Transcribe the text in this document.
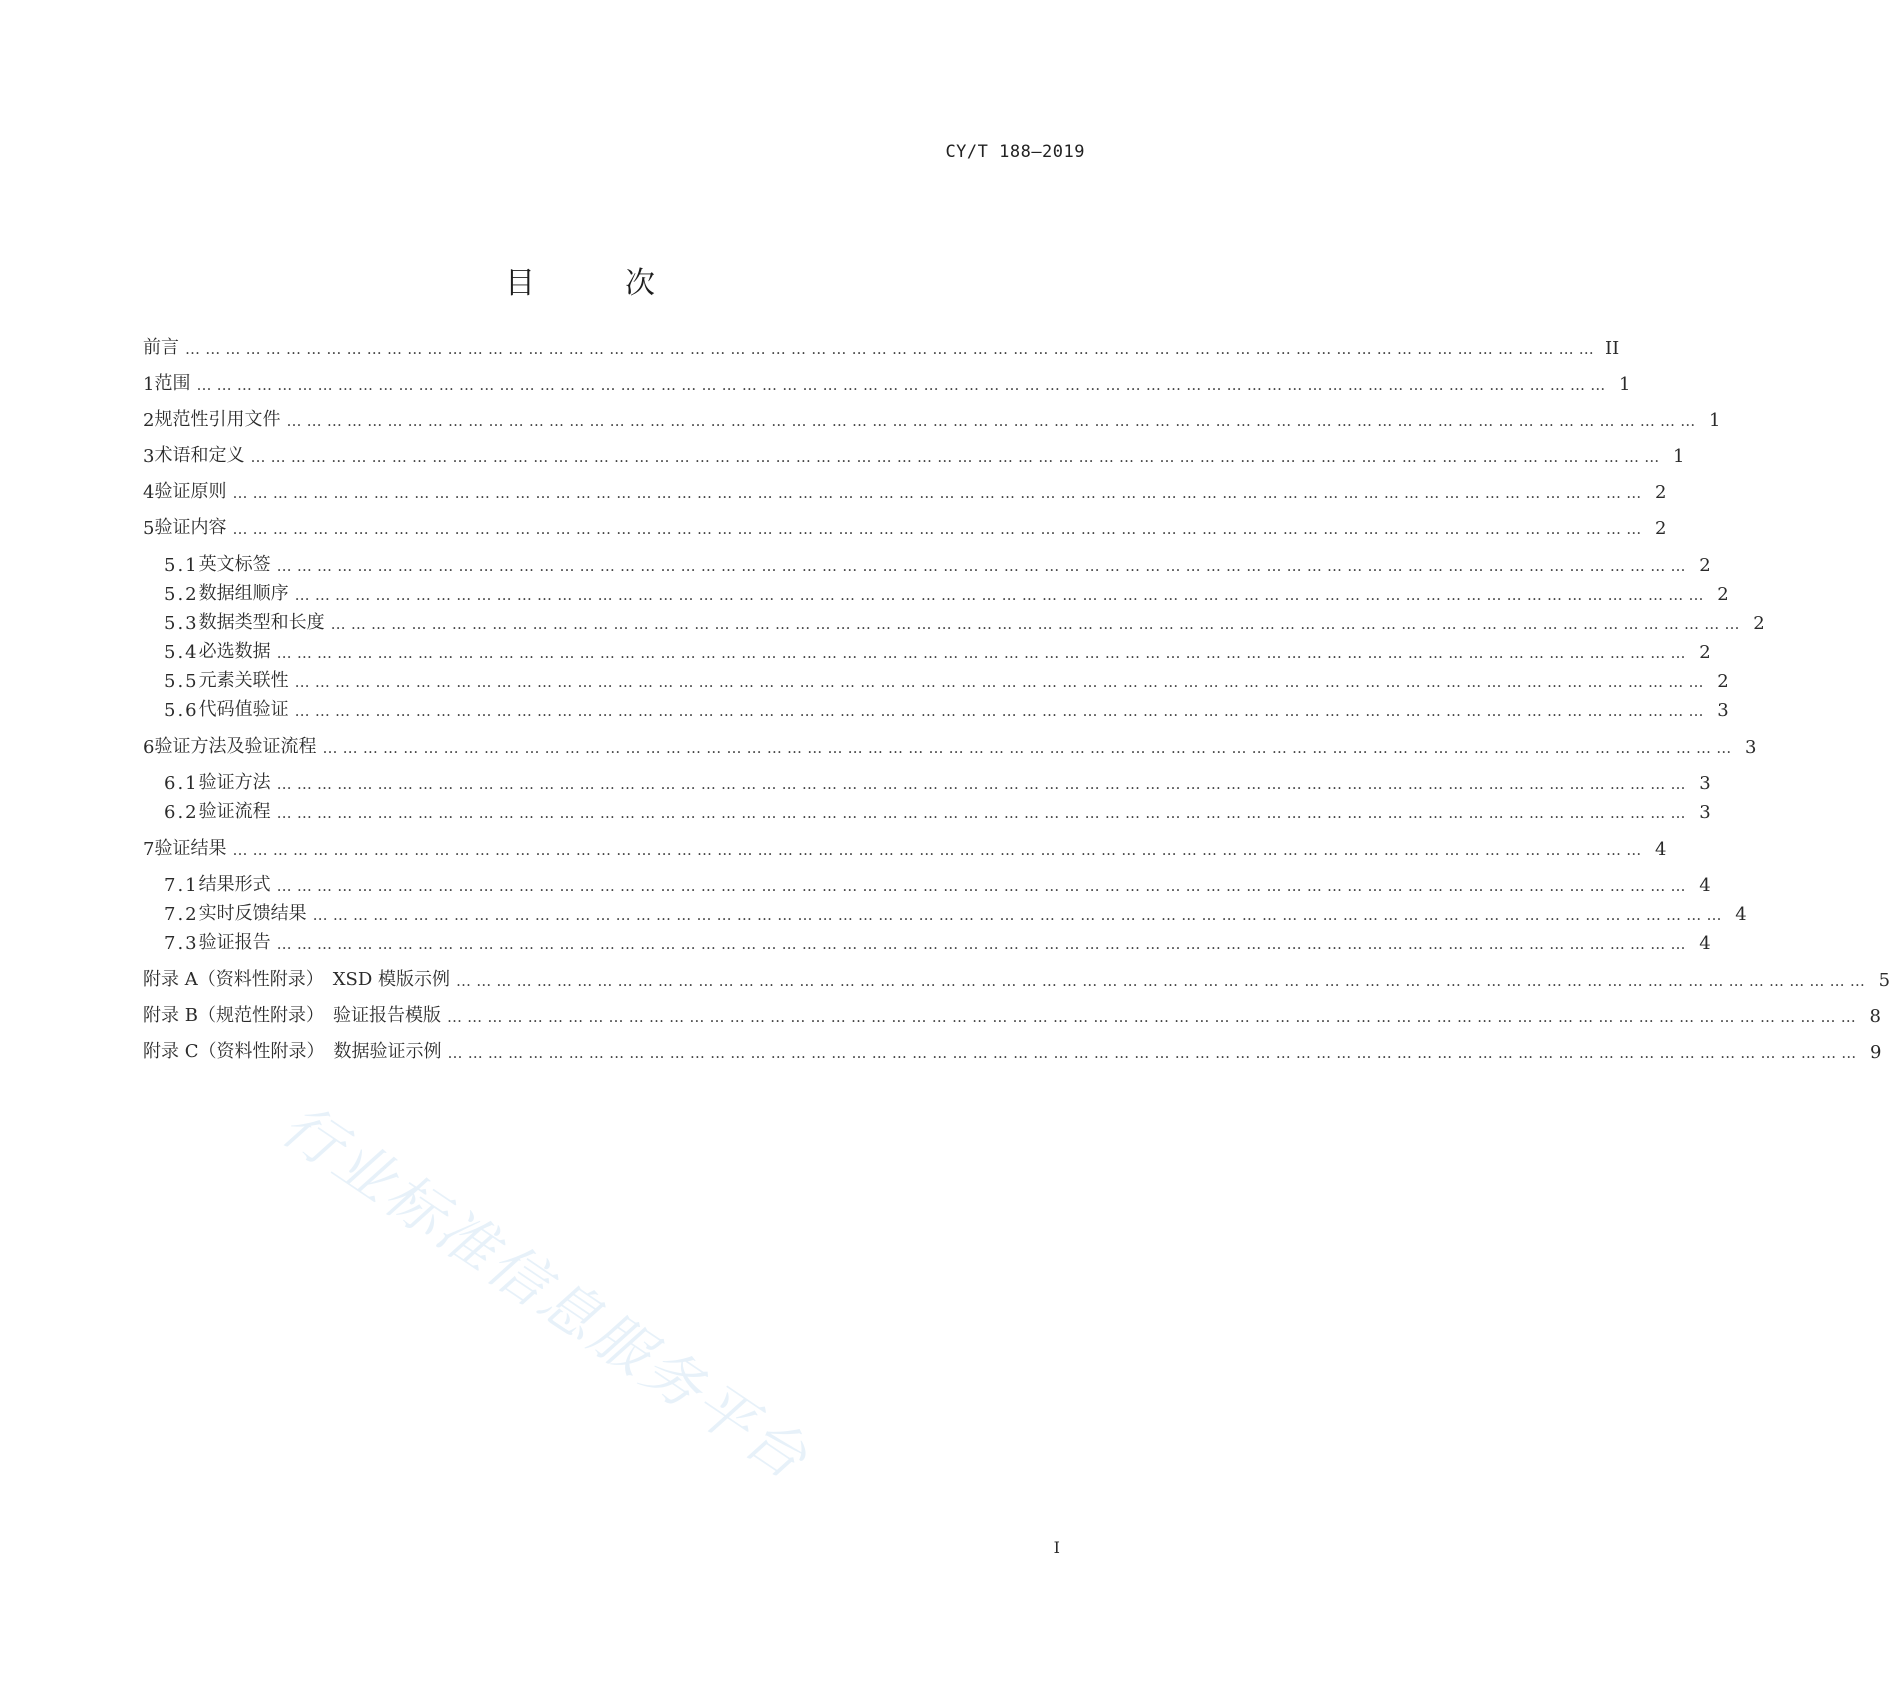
CY/T 188—2019
目　次
前言 ………………………………………………………………………………………………………………………………………………………………………………………… II
1 范围 ………………………………………………………………………………………………………………………………………………………………………………………… 1
2 规范性引用文件 ………………………………………………………………………………………………………………………………………………………………………………………… 1
3 术语和定义 ………………………………………………………………………………………………………………………………………………………………………………………… 1
4 验证原则 ………………………………………………………………………………………………………………………………………………………………………………………… 2
5 验证内容 ………………………………………………………………………………………………………………………………………………………………………………………… 2
5.1 英文标签 ………………………………………………………………………………………………………………………………………………………………………………………… 2
5.2 数据组顺序 ………………………………………………………………………………………………………………………………………………………………………………………… 2
5.3 数据类型和长度 ………………………………………………………………………………………………………………………………………………………………………………………… 2
5.4 必选数据 ………………………………………………………………………………………………………………………………………………………………………………………… 2
5.5 元素关联性 ………………………………………………………………………………………………………………………………………………………………………………………… 2
5.6 代码值验证 ………………………………………………………………………………………………………………………………………………………………………………………… 3
6 验证方法及验证流程 ………………………………………………………………………………………………………………………………………………………………………………………… 3
6.1 验证方法 ………………………………………………………………………………………………………………………………………………………………………………………… 3
6.2 验证流程 ………………………………………………………………………………………………………………………………………………………………………………………… 3
7 验证结果 ………………………………………………………………………………………………………………………………………………………………………………………… 4
7.1 结果形式 ………………………………………………………………………………………………………………………………………………………………………………………… 4
7.2 实时反馈结果 ………………………………………………………………………………………………………………………………………………………………………………………… 4
7.3 验证报告 ………………………………………………………………………………………………………………………………………………………………………………………… 4
附录 A（资料性附录）　XSD 模版示例 ………………………………………………………………………………………………………………………………………………………………………………………… 5
附录 B（规范性附录）　验证报告模版 ………………………………………………………………………………………………………………………………………………………………………………………… 8
附录 C（资料性附录）　数据验证示例 ………………………………………………………………………………………………………………………………………………………………………………………… 9
行业标准信息服务平台
I
